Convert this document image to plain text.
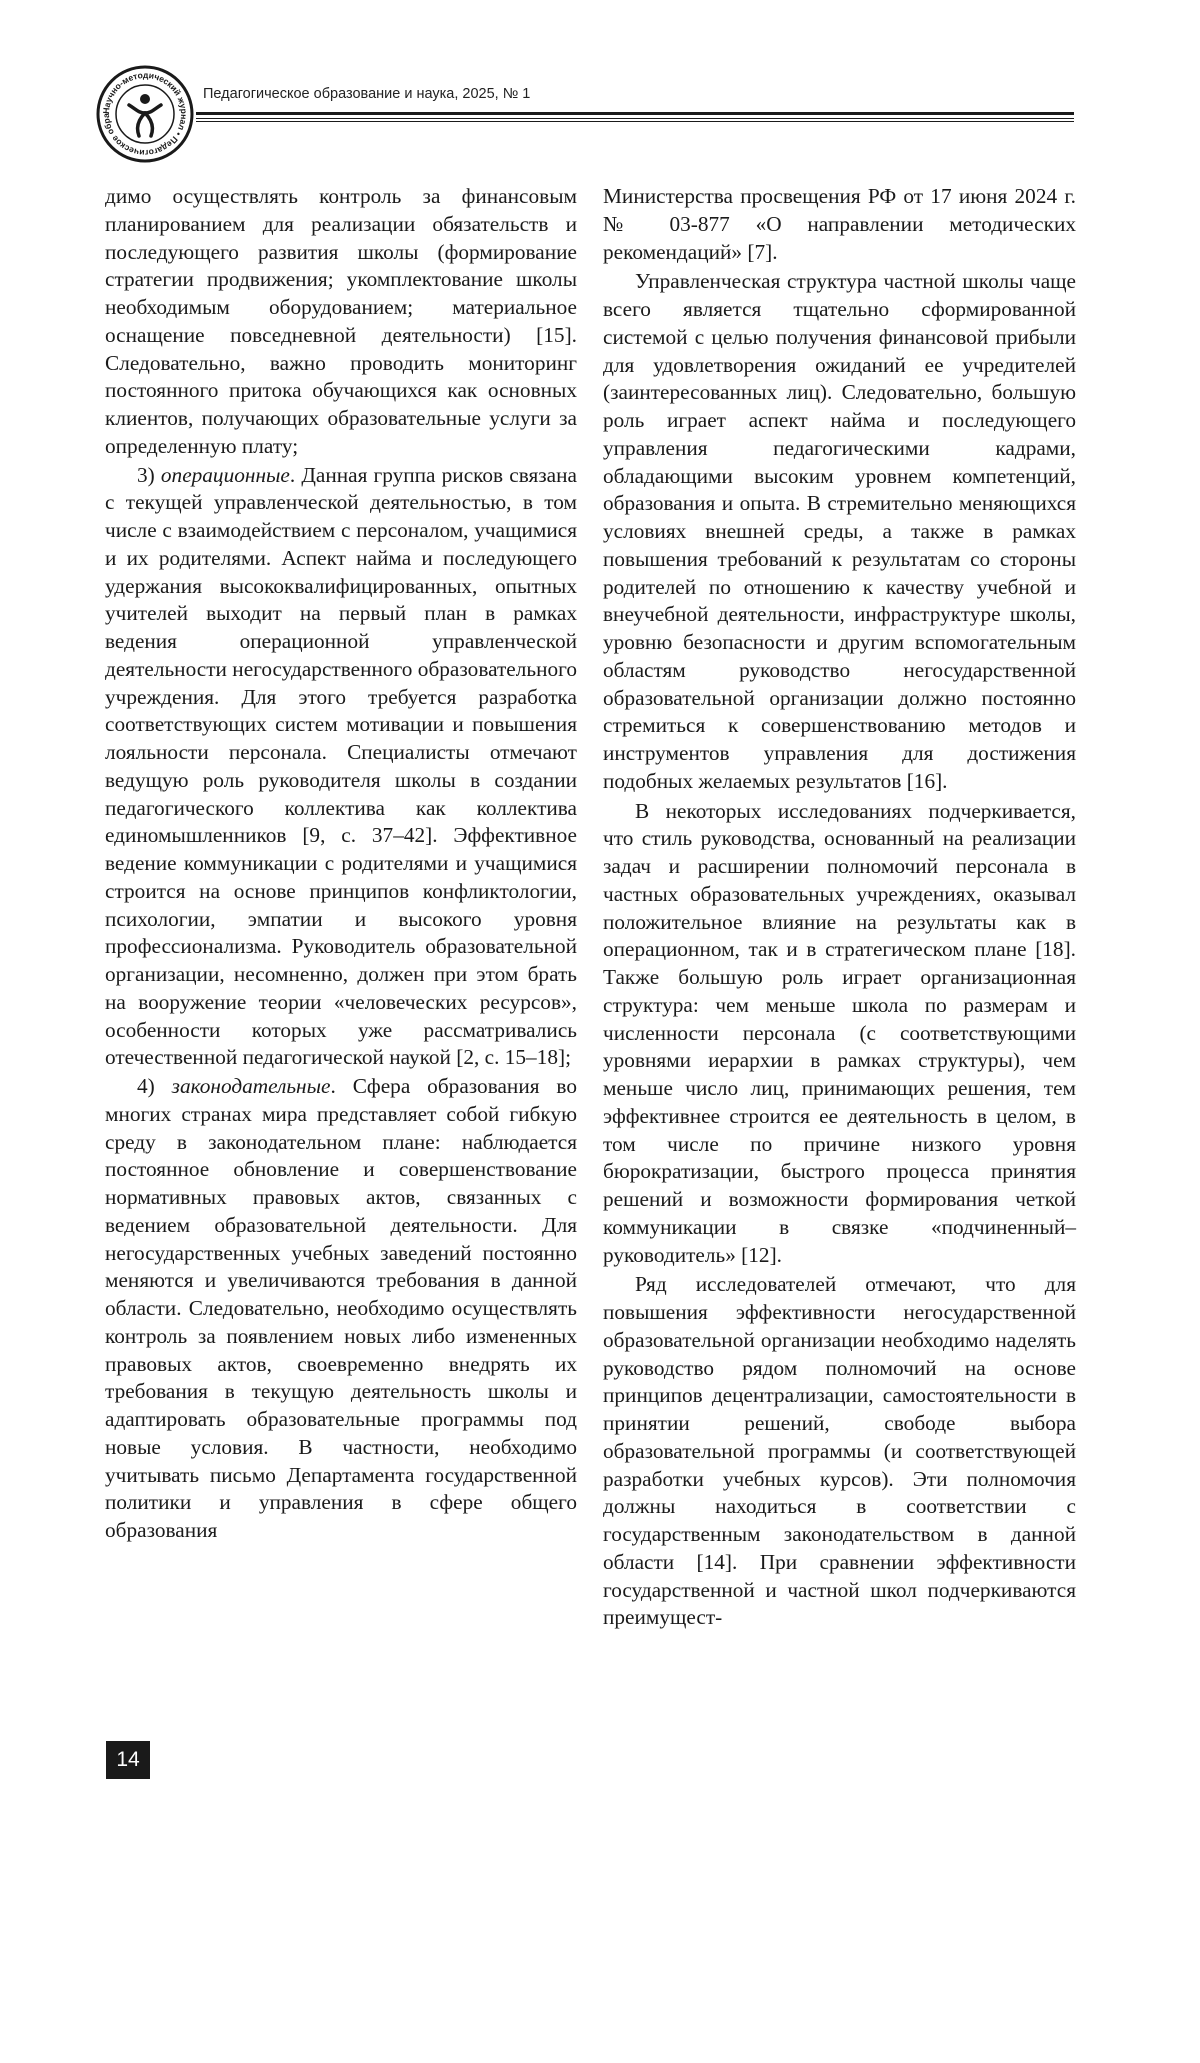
Научно-методический журнал • Педагогическое обра
Педагогическое образование и наука, 2025, № 1

димо осуществлять контроль за финансовым планированием для реализации обязательств и последующего развития школы (формирование стратегии продвижения; укомплектование школы необходимым оборудованием; материальное оснащение повседневной деятельности) [15]. Следовательно, важно проводить мониторинг постоянного притока обучающихся как основных клиентов, получающих образовательные услуги за определенную плату;

3) операционные. Данная группа рисков связана с текущей управленческой деятельностью, в том числе с взаимодействием с персоналом, учащимися и их родителями. Аспект найма и последующего удержания высококвалифицированных, опытных учителей выходит на первый план в рамках ведения операционной управленческой деятельности негосударственного образовательного учреждения. Для этого требуется разработка соответствующих систем мотивации и повышения лояльности персонала. Специалисты отмечают ведущую роль руководителя школы в создании педагогического коллектива как коллектива единомышленников [9, с. 37–42]. Эффективное ведение коммуникации с родителями и учащимися строится на основе принципов конфликтологии, психологии, эмпатии и высокого уровня профессионализма. Руководитель образовательной организации, несомненно, должен при этом брать на вооружение теории «человеческих ресурсов», особенности которых уже рассматривались отечественной педагогической наукой [2, с. 15–18];

4) законодательные. Сфера образования во многих странах мира представляет собой гибкую среду в законодательном плане: наблюдается постоянное обновление и совершенствование нормативных правовых актов, связанных с ведением образовательной деятельности. Для негосударственных учебных заведений постоянно меняются и увеличиваются требования в данной области. Следовательно, необходимо осуществлять контроль за появлением новых либо измененных правовых актов, своевременно внедрять их требования в текущую деятельность школы и адаптировать образовательные программы под новые условия. В частности, необходимо учитывать письмо Департамента государственной политики и управления в сфере общего образования

Министерства просвещения РФ от 17 июня 2024 г. № 03-877 «О направлении методических рекомендаций» [7].

Управленческая структура частной школы чаще всего является тщательно сформированной системой с целью получения финансовой прибыли для удовлетворения ожиданий ее учредителей (заинтересованных лиц). Следовательно, большую роль играет аспект найма и последующего управления педагогическими кадрами, обладающими высоким уровнем компетенций, образования и опыта. В стремительно меняющихся условиях внешней среды, а также в рамках повышения требований к результатам со стороны родителей по отношению к качеству учебной и внеучебной деятельности, инфраструктуре школы, уровню безопасности и другим вспомогательным областям руководство негосударственной образовательной организации должно постоянно стремиться к совершенствованию методов и инструментов управления для достижения подобных желаемых результатов [16].

В некоторых исследованиях подчеркивается, что стиль руководства, основанный на реализации задач и расширении полномочий персонала в частных образовательных учреждениях, оказывал положительное влияние на результаты как в операционном, так и в стратегическом плане [18]. Также большую роль играет организационная структура: чем меньше школа по размерам и численности персонала (с соответствующими уровнями иерархии в рамках структуры), чем меньше число лиц, принимающих решения, тем эффективнее строится ее деятельность в целом, в том числе по причине низкого уровня бюрократизации, быстрого процесса принятия решений и возможности формирования четкой коммуникации в связке «подчиненный–руководитель» [12].

Ряд исследователей отмечают, что для повышения эффективности негосударственной образовательной организации необходимо наделять руководство рядом полномочий на основе принципов децентрализации, самостоятельности в принятии решений, свободе выбора образовательной программы (и соответствующей разработки учебных курсов). Эти полномочия должны находиться в соответствии с государственным законодательством в данной области [14]. При сравнении эффективности государственной и частной школ подчеркиваются преимущест-

14
